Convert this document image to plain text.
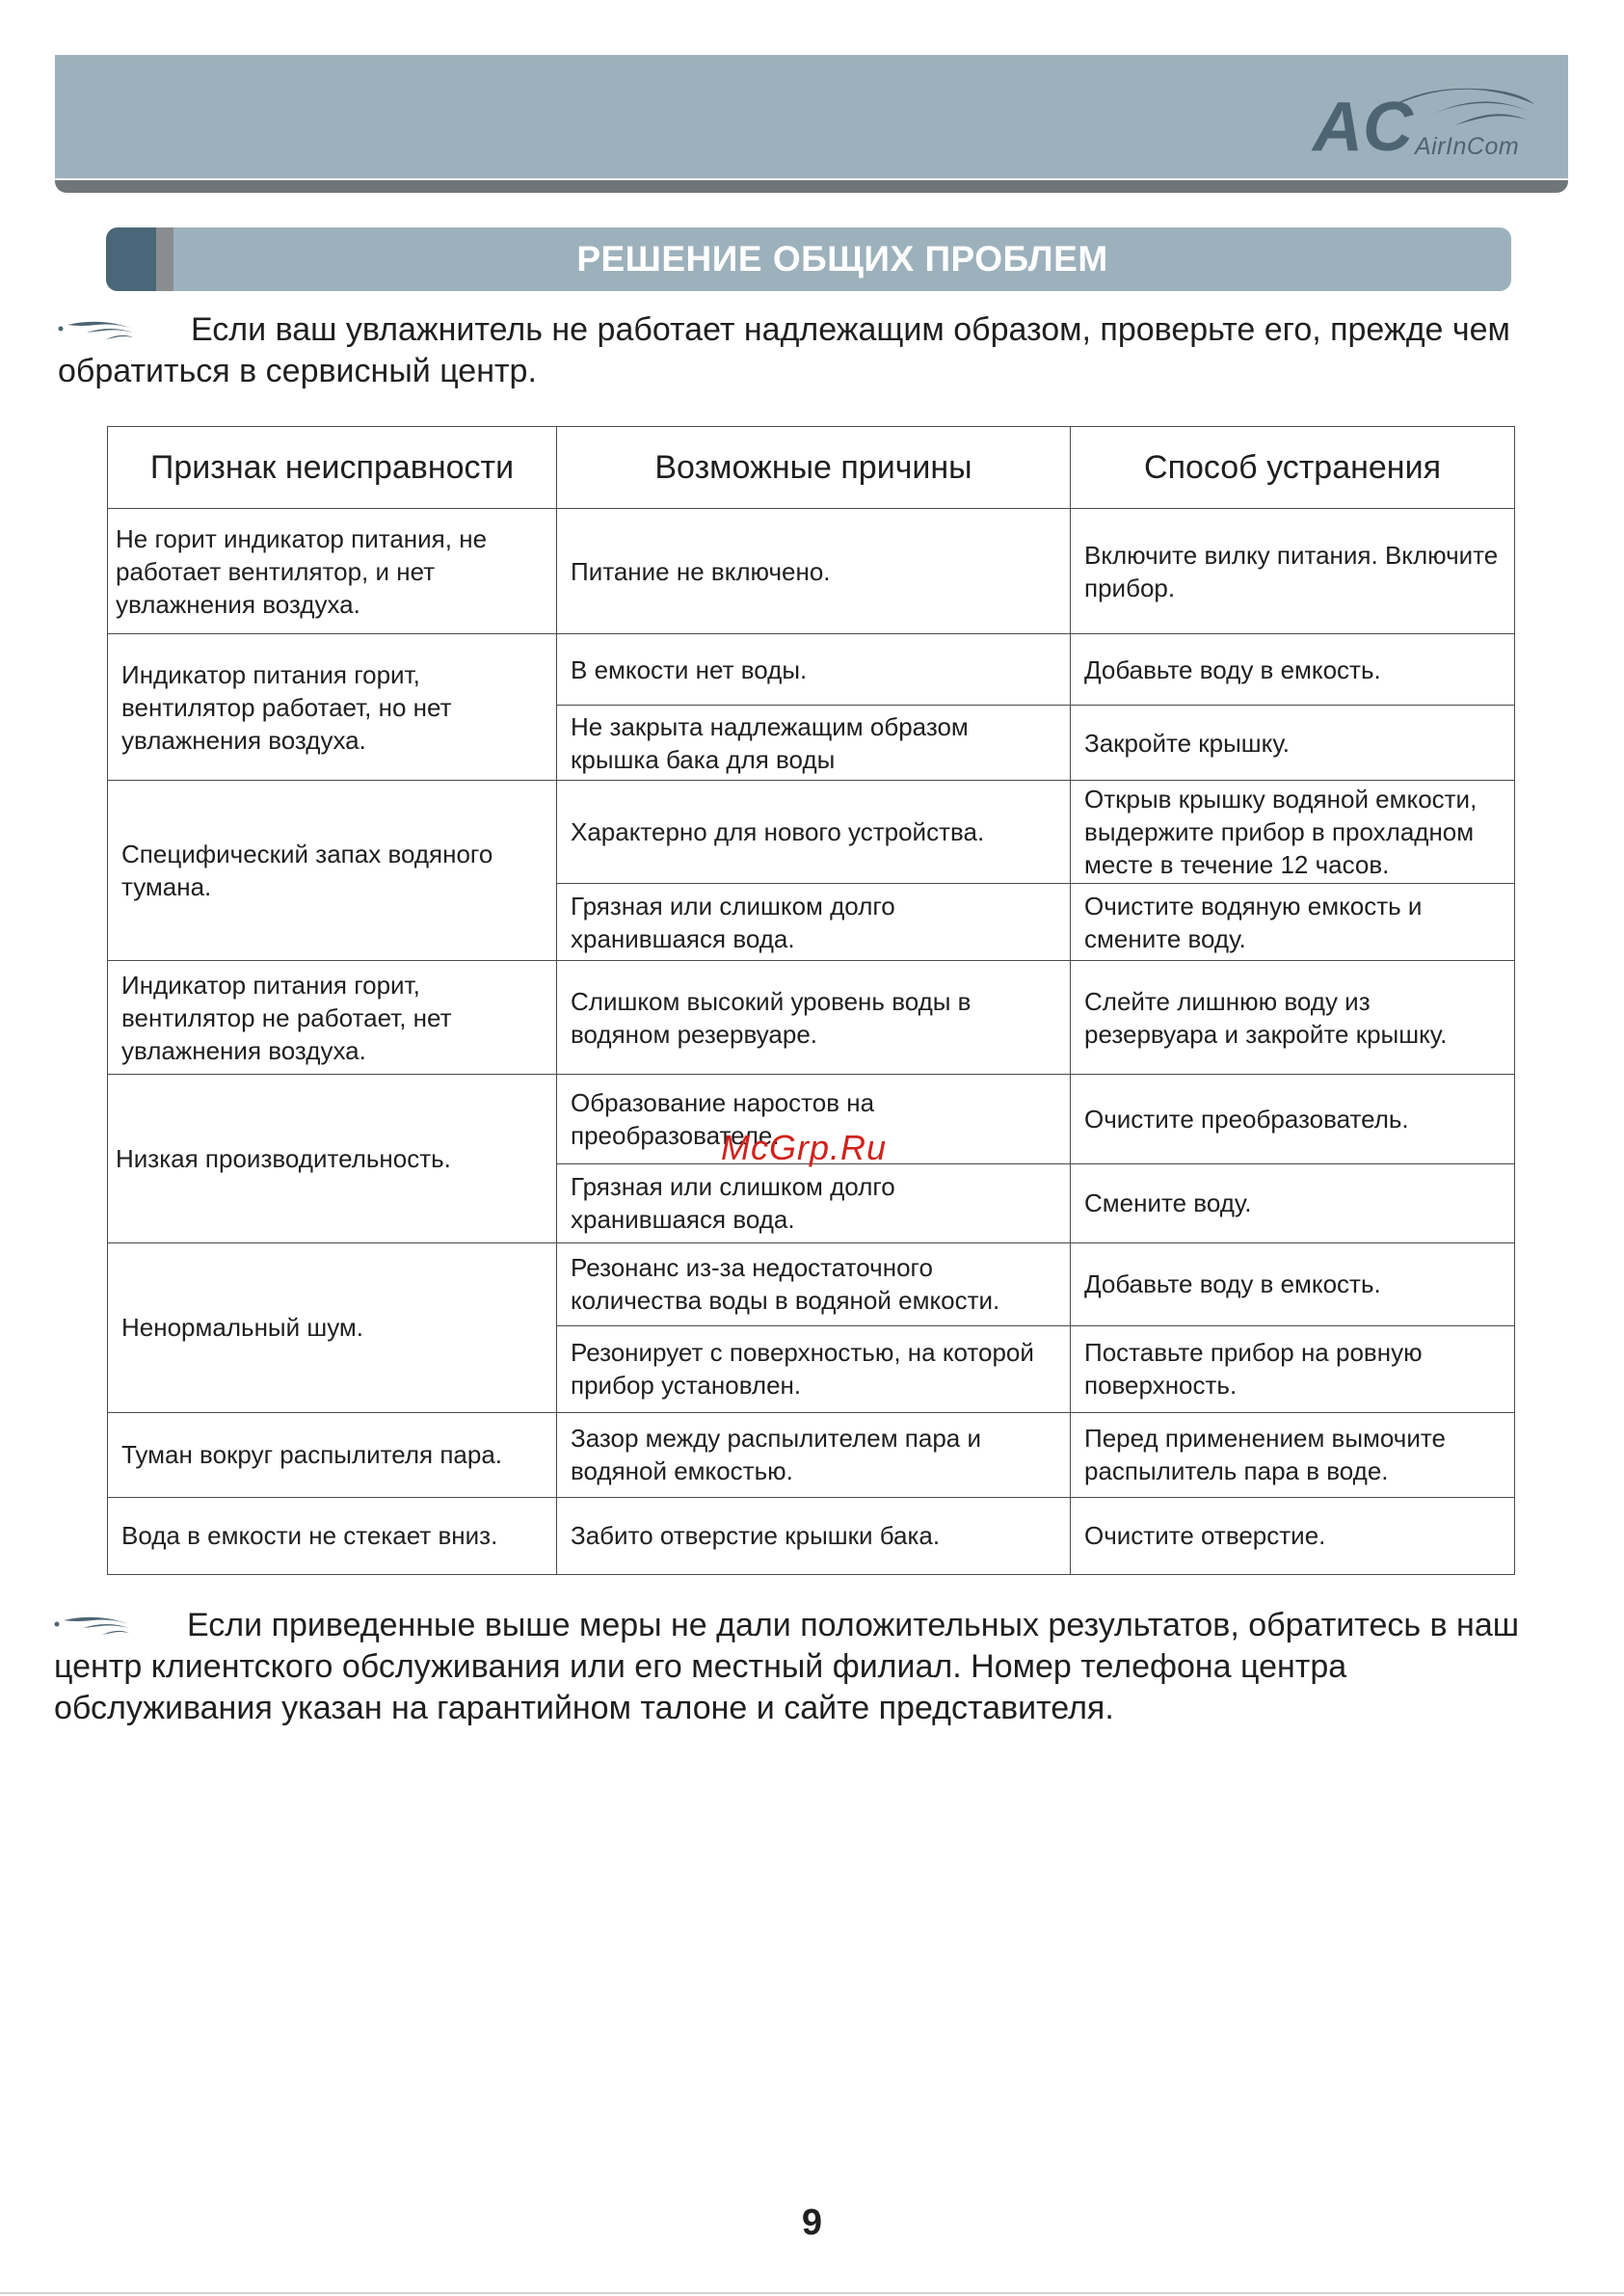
AC AirInCom
РЕШЕНИЕ ОБЩИХ ПРОБЛЕМ
Если ваш увлажнитель не работает надлежащим образом, проверьте его, прежде чем обратиться в сервисный центр.
Признак неисправности	Возможные причины	Способ устранения
Не горит индикатор питания, не работает вентилятор, и нет увлажнения воздуха.	Питание не включено.	Включите вилку питания. Включите прибор.
Индикатор питания горит, вентилятор работает, но нет увлажнения воздуха.	В емкости нет воды.	Добавьте воду в емкость.
	Не закрыта надлежащим образом крышка бака для воды	Закройте крышку.
Специфический запах водяного тумана.	Характерно для нового устройства.	Открыв крышку водяной емкости, выдержите прибор в прохладном месте в течение 12 часов.
	Грязная или слишком долго хранившаяся вода.	Очистите водяную емкость и смените воду.
Индикатор питания горит, вентилятор не работает, нет увлажнения воздуха.	Слишком высокий уровень воды в водяном резервуаре.	Слейте лишнюю воду из резервуара и закройте крышку.
Низкая производительность.	Образование наростов на преобразователе.	Очистите преобразователь.
	Грязная или слишком долго хранившаяся вода.	Смените воду.
Ненормальный шум.	Резонанс из-за недостаточного количества воды в водяной емкости.	Добавьте воду в емкость.
	Резонирует с поверхностью, на которой прибор установлен.	Поставьте прибор на ровную поверхность.
Туман вокруг распылителя пара.	Зазор между распылителем пара и водяной емкостью.	Перед применением вымочите распылитель пара в воде.
Вода в емкости не стекает вниз.	Забито отверстие крышки бака.	Очистите отверстие.
McGrp.Ru
Если приведенные выше меры не дали положительных результатов, обратитесь в наш центр клиентского обслуживания или его местный филиал. Номер телефона центра обслуживания указан на гарантийном талоне и сайте представителя.
9
